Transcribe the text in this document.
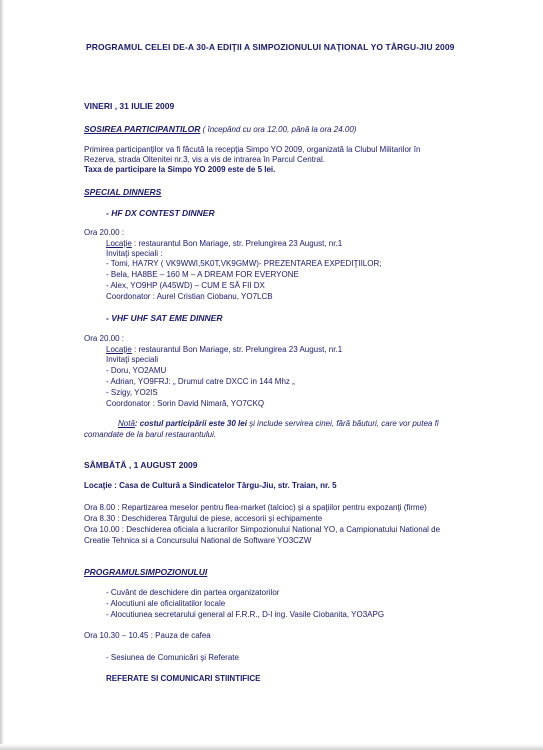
PROGRAMUL CELEI DE-A 30-A EDIŢII A SIMPOZIONULUI NAŢIONAL YO TÂRGU-JIU 2009
VINERI , 31 IULIE 2009
SOSIREA PARTICIPANTILOR ( începând cu ora 12.00, până la ora 24.00)
Primirea participanţilor va fi făcută la recepţia Simpo YO 2009, organizată la Clubul Militarilor în
Rezerva, strada Oltenitei nr.3, vis a vis de intrarea în Parcul Central.
Taxa de participare la Simpo YO 2009 este de 5 lei.
SPECIAL DINNERS
- HF DX CONTEST DINNER
Ora 20.00 :
Locaţie : restaurantul Bon Mariage, str. Prelungirea 23 August, nr.1
Invitaţi speciali :
- Tomi, HA7RY ( VK9WWI,5K0T,VK9GMW)- PREZENTAREA EXPEDIŢIILOR;
- Bela, HA8BE – 160 M – A DREAM FOR EVERYONE
- Alex, YO9HP (A45WD) – CUM E SĂ FII DX
Coordonator : Aurel Cristian Ciobanu, YO7LCB
- VHF UHF SAT EME DINNER
Ora 20.00 :
Locaţie : restaurantul Bon Mariage, str. Prelungirea 23 August, nr.1
Invitaţi speciali
- Doru, YO2AMU
- Adrian, YO9FRJ: „ Drumul catre DXCC in 144 Mhz „
- Szigy, YO2IS
Coordonator : Sorin David Nimară, YO7CKQ
Notă: costul participării este 30 lei şi include servirea cinei, fără băuturi, care vor putea fi
comandate de la barul restaurantului.
SÂMBĂTĂ , 1 AUGUST 2009
Locaţie : Casa de Cultură a Sindicatelor Târgu-Jiu, str. Traian, nr. 5
Ora 8.00 : Repartizarea meselor pentru flea-market (talcioc) şi a spaţiilor pentru expozanţi (firme)
Ora 8.30 : Deschiderea Târgului de piese, accesorii şi echipamente
Ora 10.00 : Deschiderea oficiala a lucrarilor Simpozionului National YO, a Campionatului National de
Creatie Tehnica si a Concursului National de Software YO3CZW
PROGRAMULSIMPOZIONULUI
- Cuvânt de deschidere din partea organizatorilor
- Alocutiuni ale oficialitatilor locale
- Alocutiunea secretarului general al F.R.R., D-l ing. Vasile Ciobanita, YO3APG
Ora 10.30 – 10.45 : Pauza de cafea
- Sesiunea de Comunicări şi Referate
REFERATE SI COMUNICARI STIINTIFICE
